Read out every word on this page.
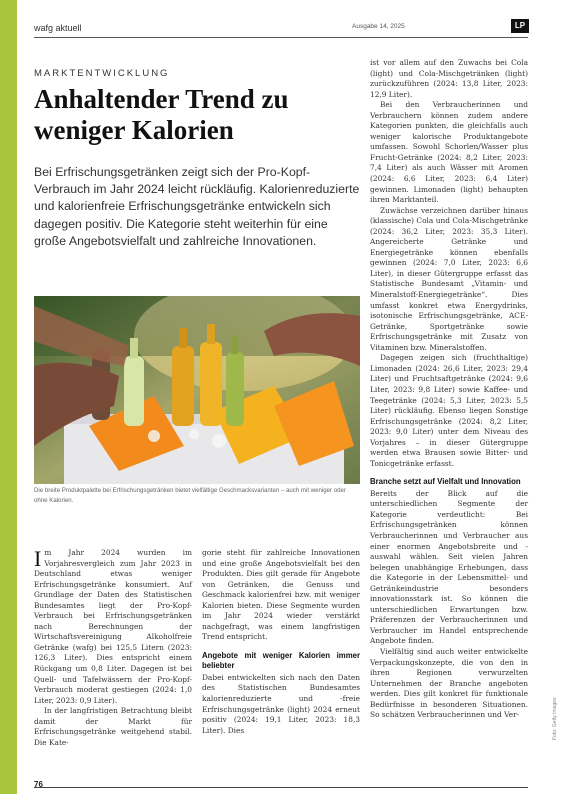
wafg aktuell	Ausgabe 14, 2025	LP
MARKTENTWICKLUNG
Anhaltender Trend zu weniger Kalorien

Bei Erfrischungsgetränken zeigt sich der Pro-Kopf-Verbrauch im Jahr 2024 leicht rückläufig. Kalorienreduzierte und kalorienfreie Erfrischungsgetränke entwickeln sich dagegen positiv. Die Kategorie steht weiterhin für eine große Angebotsvielfalt und zahlreiche Innovationen.

Die breite Produktpalette bei Erfrischungsgetränken bietet vielfältige Geschmacksvarianten – auch mit weniger oder ohne Kalorien.

Im Jahr 2024 wurden im Vorjahresvergleich zum Jahr 2023 in Deutschland etwas weniger Erfrischungsgetränke konsumiert. Auf Grundlage der Daten des Statistischen Bundesamtes liegt der Pro-Kopf-Verbrauch bei Erfrischungsgetränken nach Berechnungen der Wirtschaftsvereinigung Alkoholfreie Getränke (wafg) bei 125,5 Litern (2023: 126,3 Liter). Dies entspricht einem Rückgang um 0,8 Liter. Dagegen ist bei Quell- und Tafelwässern der Pro-Kopf-Verbrauch moderat gestiegen (2024: 1,0 Liter, 2023: 0,9 Liter).

In der langfristigen Betrachtung bleibt damit der Markt für Erfrischungsgetränke weitgehend stabil. Die Kate-

gorie steht für zahlreiche Innovationen und eine große Angebotsvielfalt bei den Produkten. Dies gilt gerade für Angebote von Getränken, die Genuss und Geschmack kalorienfrei bzw. mit weniger Kalorien bieten. Diese Segmente wurden im Jahr 2024 wieder verstärkt nachgefragt, was einem langfristigen Trend entspricht.

Angebote mit weniger Kalorien immer beliebter

Dabei entwickelten sich nach den Daten des Statistischen Bundesamtes kalorienreduzierte und -freie Erfrischungsgetränke (light) 2024 erneut positiv (2024: 19,1 Liter, 2023: 18,3 Liter). Dies

ist vor allem auf den Zuwachs bei Cola (light) und Cola-Mischgetränken (light) zurückzuführen (2024: 13,8 Liter, 2023: 12,9 Liter).

Bei den Verbraucherinnen und Verbrauchern können zudem andere Kategorien punkten, die gleichfalls auch weniger kalorische Produktangebote umfassen. Sowohl Schorlen/Wasser plus Frucht-Getränke (2024: 8,2 Liter, 2023: 7,4 Liter) als auch Wässer mit Aromen (2024: 6,6 Liter, 2023: 6,4 Liter) gewinnen. Limonaden (light) behaupten ihren Marktanteil.

Zuwächse verzeichnen darüber hinaus (klassische) Cola und Cola-Mischgetränke (2024: 36,2 Liter, 2023: 35,3 Liter). Angereicherte Getränke und Energiegetränke können ebenfalls gewinnen (2024: 7,0 Liter, 2023: 6,6 Liter), in dieser Gütergruppe erfasst das Statistische Bundesamt „Vitamin- und Mineralstoff-Energiegetränke“. Dies umfasst konkret etwa Energydrinks, isotonische Erfrischungsgetränke, ACE-Getränke, Sportgetränke sowie Erfrischungsgetränke mit Zusatz von Vitaminen bzw. Mineralstoffen.

Dagegen zeigen sich (fruchthaltige) Limonaden (2024: 26,6 Liter, 2023: 29,4 Liter) und Fruchtsaftgetränke (2024: 9,6 Liter, 2023: 9,8 Liter) sowie Kaffee- und Teegetränke (2024: 5,3 Liter, 2023: 5,5 Liter) rückläufig. Ebenso liegen Sonstige Erfrischungsgetränke (2024: 8,2 Liter, 2023: 9,0 Liter) unter dem Niveau des Vorjahres – in dieser Gütergruppe werden etwa Brausen sowie Bitter- und Tonicgetränke erfasst.

Branche setzt auf Vielfalt und Innovation

Bereits der Blick auf die unterschiedlichen Segmente der Kategorie verdeutlicht: Bei Erfrischungsgetränken können Verbraucherinnen und Verbraucher aus einer enormen Angebotsbreite und -auswahl wählen. Seit vielen Jahren belegen unabhängige Erhebungen, dass die Kategorie in der Lebensmittel- und Getränkeindustrie besonders innovationsstark ist. So können die unterschiedlichen Erwartungen bzw. Präferenzen der Verbraucherinnen und Verbraucher im Handel entsprechende Angebote finden.

Vielfältig sind auch weiter entwickelte Verpackungskonzepte, die von den in ihren Regionen verwurzelten Unternehmen der Branche angeboten werden. Dies gilt konkret für funktionale Bedürfnisse in besonderen Situationen. So schätzen Verbraucherinnen und Ver-	Foto: Getty Images
76
